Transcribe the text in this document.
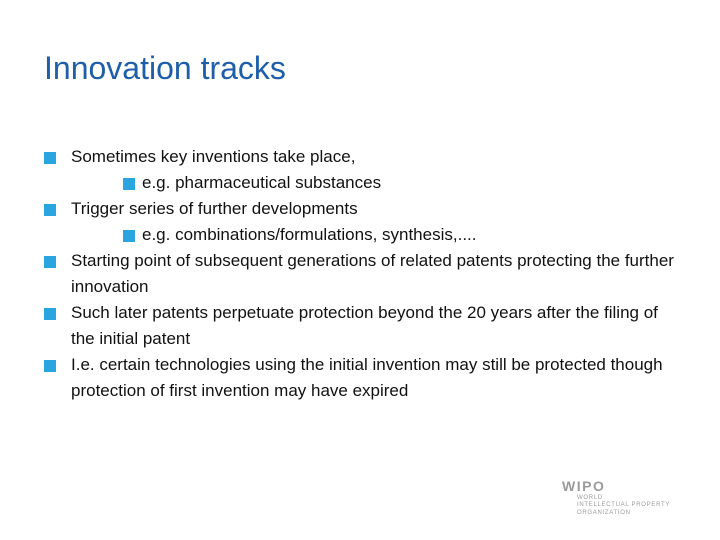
Innovation tracks
Sometimes key inventions take place,
e.g. pharmaceutical substances
Trigger series of further developments
e.g. combinations/formulations, synthesis,....
Starting point of subsequent generations of related patents protecting the further innovation
Such later patents perpetuate protection beyond the 20 years after the filing of the initial patent
I.e. certain technologies using the initial invention may still be protected though protection of first invention may have expired
WIPO
WORLD
INTELLECTUAL PROPERTY
ORGANIZATION
